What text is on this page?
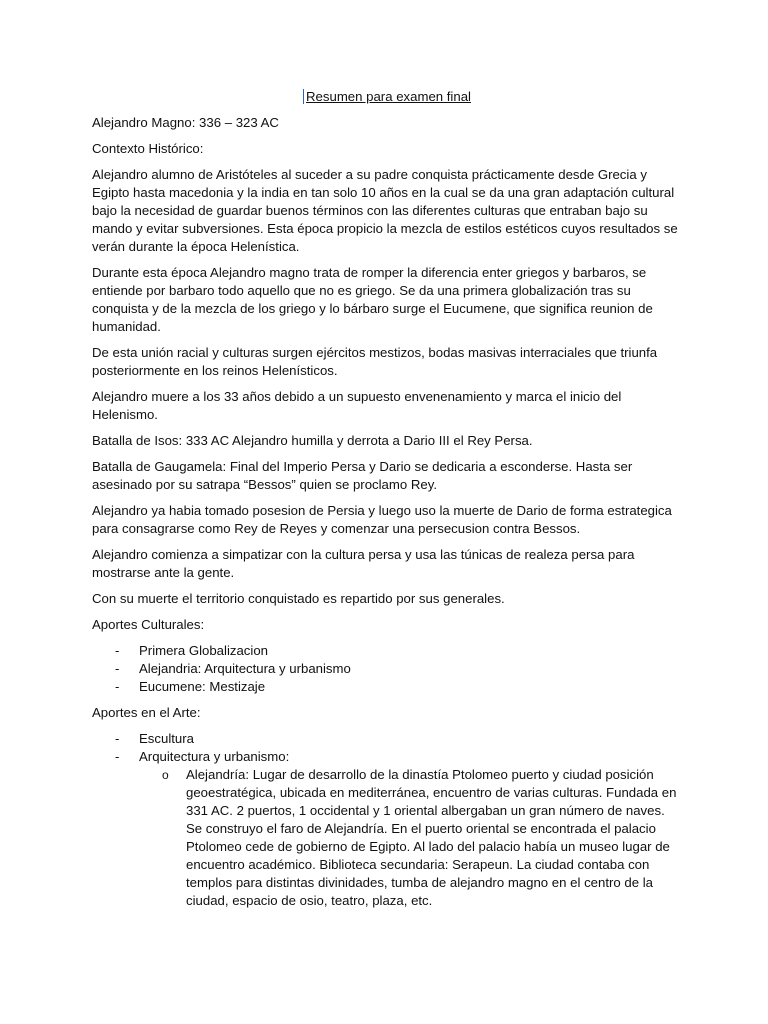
Resumen para examen final

Alejandro Magno: 336 – 323 AC

Contexto Histórico:

Alejandro alumno de Aristóteles al suceder a su padre conquista prácticamente desde Grecia y Egipto hasta macedonia y la india en tan solo 10 años en la cual se da una gran adaptación cultural bajo la necesidad de guardar buenos términos con las diferentes culturas que entraban bajo su mando y evitar subversiones. Esta época propicio la mezcla de estilos estéticos cuyos resultados se verán durante la época Helenística.

Durante esta época Alejandro magno trata de romper la diferencia enter griegos y barbaros, se entiende por barbaro todo aquello que no es griego. Se da una primera globalización tras su conquista y de la mezcla de los griego y lo bárbaro surge el Eucumene, que significa reunion de humanidad.

De esta unión racial y culturas surgen ejércitos mestizos, bodas masivas interraciales que triunfa posteriormente en los reinos Helenísticos.

Alejandro muere a los 33 años debido a un supuesto envenenamiento y marca el inicio del Helenismo.

Batalla de Isos: 333 AC Alejandro humilla y derrota a Dario III el Rey Persa.

Batalla de Gaugamela: Final del Imperio Persa y Dario se dedicaria a esconderse. Hasta ser asesinado por su satrapa “Bessos” quien se proclamo Rey.

Alejandro ya habia tomado posesion de Persia y luego uso la muerte de Dario de forma estrategica para consagrarse como Rey de Reyes y comenzar una persecusion contra Bessos.

Alejandro comienza a simpatizar con la cultura persa y usa las túnicas de realeza persa para mostrarse ante la gente.

Con su muerte el territorio conquistado es repartido por sus generales.

Aportes Culturales:

- Primera Globalizacion
- Alejandria: Arquitectura y urbanismo
- Eucumene: Mestizaje

Aportes en el Arte:

- Escultura
- Arquitectura y urbanismo:
o Alejandría: Lugar de desarrollo de la dinastía Ptolomeo puerto y ciudad posición geoestratégica, ubicada en mediterránea, encuentro de varias culturas. Fundada en 331 AC. 2 puertos, 1 occidental y 1 oriental albergaban un gran número de naves. Se construyo el faro de Alejandría. En el puerto oriental se encontrada el palacio Ptolomeo cede de gobierno de Egipto. Al lado del palacio había un museo lugar de encuentro académico. Biblioteca secundaria: Serapeun. La ciudad contaba con templos para distintas divinidades, tumba de alejandro magno en el centro de la ciudad, espacio de osio, teatro, plaza, etc.
